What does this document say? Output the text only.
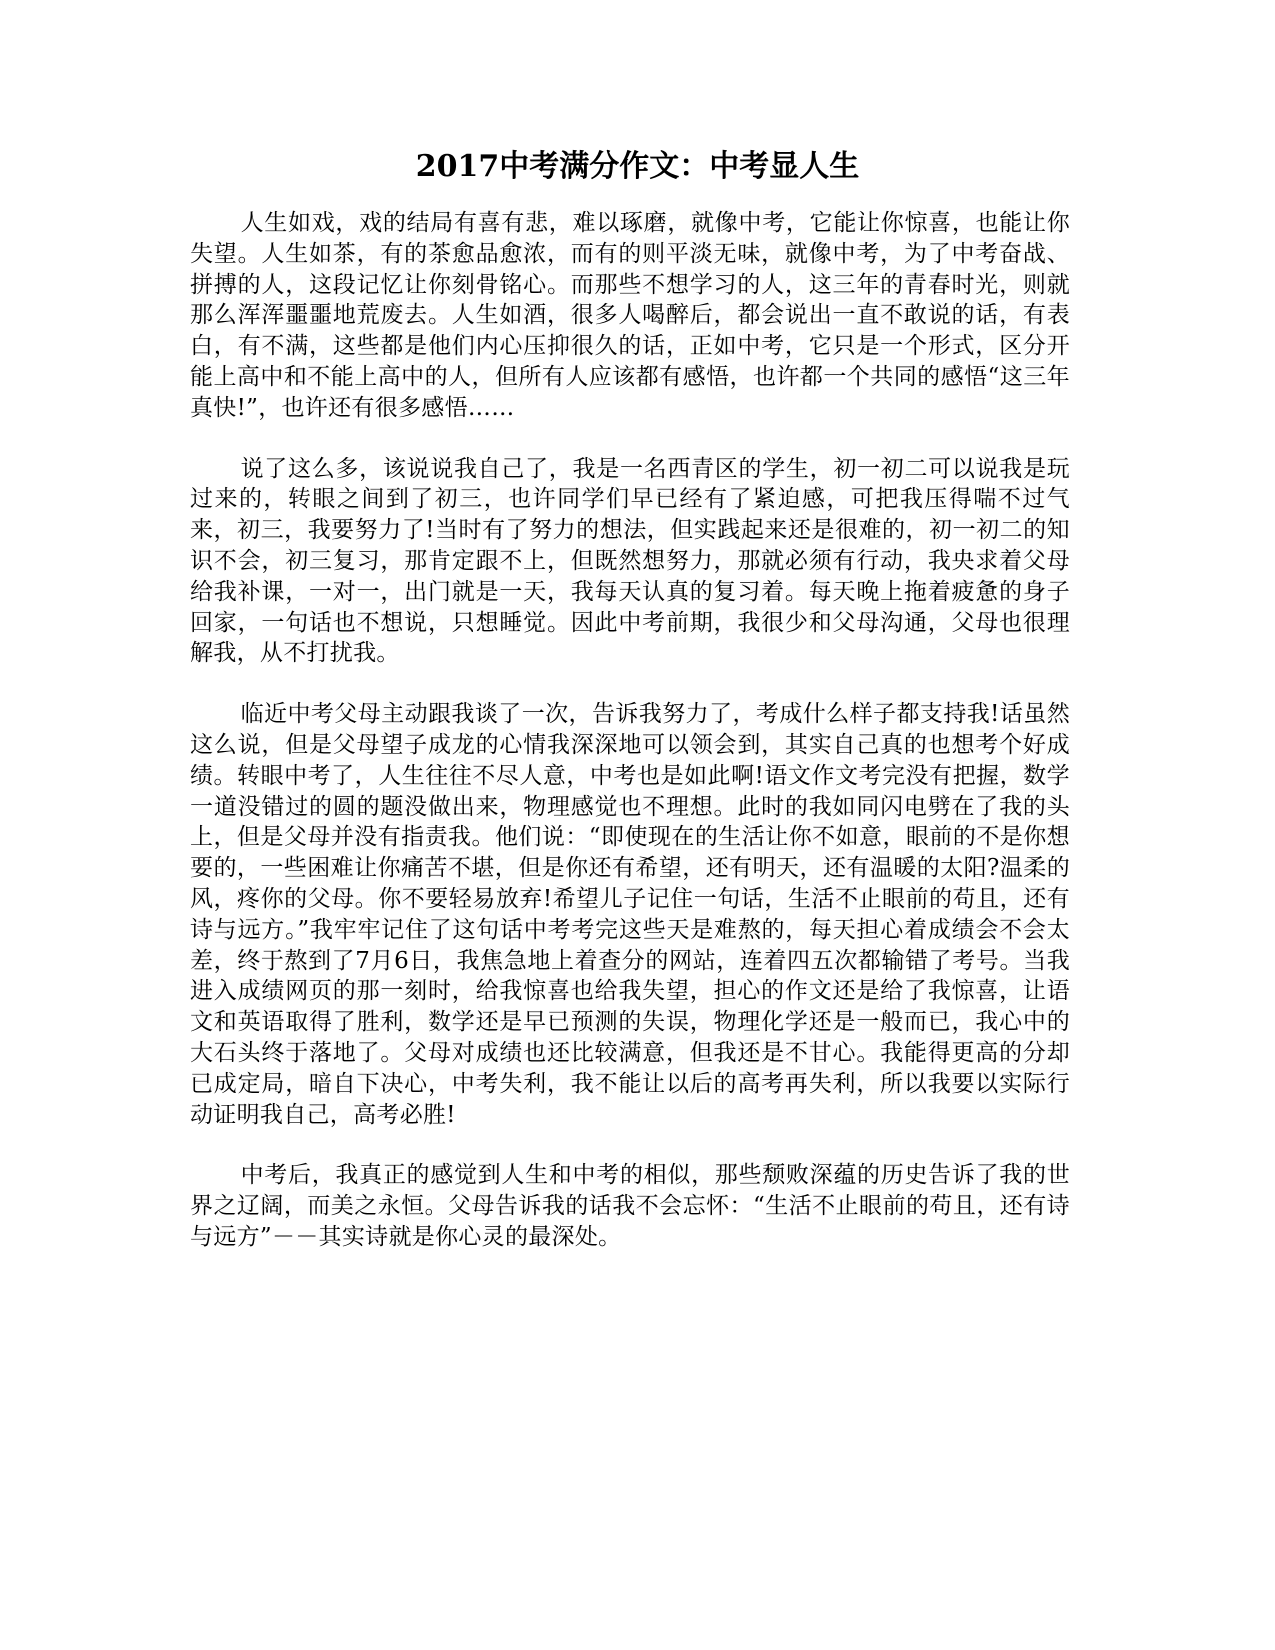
2017中考满分作文：中考显人生

人生如戏，戏的结局有喜有悲，难以琢磨，就像中考，它能让你惊喜，也能让你失望。人生如茶，有的茶愈品愈浓，而有的则平淡无味，就像中考，为了中考奋战、拼搏的人，这段记忆让你刻骨铭心。而那些不想学习的人，这三年的青春时光，则就那么浑浑噩噩地荒废去。人生如酒，很多人喝醉后，都会说出一直不敢说的话，有表白，有不满，这些都是他们内心压抑很久的话，正如中考，它只是一个形式，区分开能上高中和不能上高中的人，但所有人应该都有感悟，也许都一个共同的感悟“这三年真快!”，也许还有很多感悟……

说了这么多，该说说我自己了，我是一名西青区的学生，初一初二可以说我是玩过来的，转眼之间到了初三，也许同学们早已经有了紧迫感，可把我压得喘不过气来，初三，我要努力了!当时有了努力的想法，但实践起来还是很难的，初一初二的知识不会，初三复习，那肯定跟不上，但既然想努力，那就必须有行动，我央求着父母给我补课，一对一，出门就是一天，我每天认真的复习着。每天晚上拖着疲惫的身子回家，一句话也不想说，只想睡觉。因此中考前期，我很少和父母沟通，父母也很理解我，从不打扰我。

临近中考父母主动跟我谈了一次，告诉我努力了，考成什么样子都支持我!话虽然这么说，但是父母望子成龙的心情我深深地可以领会到，其实自己真的也想考个好成绩。转眼中考了，人生往往不尽人意，中考也是如此啊!语文作文考完没有把握，数学一道没错过的圆的题没做出来，物理感觉也不理想。此时的我如同闪电劈在了我的头上，但是父母并没有指责我。他们说：“即使现在的生活让你不如意，眼前的不是你想要的，一些困难让你痛苦不堪，但是你还有希望，还有明天，还有温暖的太阳?温柔的风，疼你的父母。你不要轻易放弃!希望儿子记住一句话，生活不止眼前的苟且，还有诗与远方。”我牢牢记住了这句话中考考完这些天是难熬的，每天担心着成绩会不会太差，终于熬到了7月6日，我焦急地上着查分的网站，连着四五次都输错了考号。当我进入成绩网页的那一刻时，给我惊喜也给我失望，担心的作文还是给了我惊喜，让语文和英语取得了胜利，数学还是早已预测的失误，物理化学还是一般而已，我心中的大石头终于落地了。父母对成绩也还比较满意，但我还是不甘心。我能得更高的分却已成定局，暗自下决心，中考失利，我不能让以后的高考再失利，所以我要以实际行动证明我自己，高考必胜!

中考后，我真正的感觉到人生和中考的相似，那些颓败深蕴的历史告诉了我的世界之辽阔，而美之永恒。父母告诉我的话我不会忘怀：“生活不止眼前的苟且，还有诗与远方”－－其实诗就是你心灵的最深处。
